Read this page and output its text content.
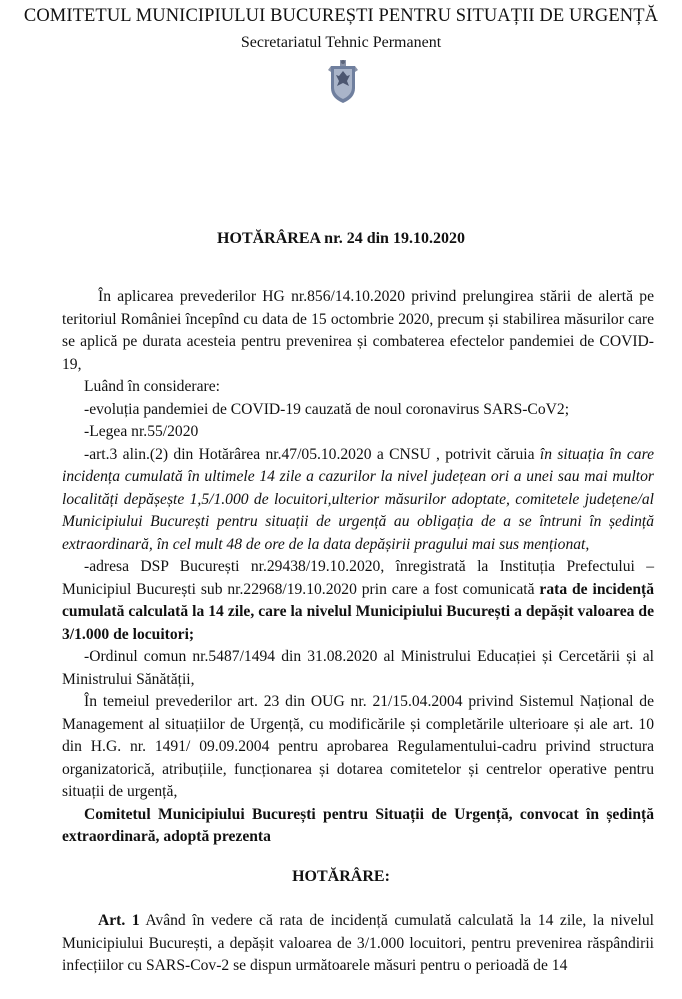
COMITETUL MUNICIPIULUI BUCUREȘTI PENTRU SITUAȚII DE URGENȚĂ
Secretariatul Tehnic Permanent
HOTĂRÂREA nr. 24 din 19.10.2020

În aplicarea prevederilor HG nr.856/14.10.2020 privind prelungirea stării de alertă pe teritoriul României începînd cu data de 15 octombrie 2020, precum și stabilirea măsurilor care se aplică pe durata acesteia pentru prevenirea și combaterea efectelor pandemiei de COVID-19,

Luând în considerare:

-evoluția pandemiei de COVID-19 cauzată de noul coronavirus SARS-CoV2;

-Legea nr.55/2020

-art.3 alin.(2) din Hotărârea nr.47/05.10.2020 a CNSU , potrivit căruia în situația în care incidența cumulată în ultimele 14 zile a cazurilor la nivel județean ori a unei sau mai multor localități depășește 1,5/1.000 de locuitori,ulterior măsurilor adoptate, comitetele județene/al Municipiului București pentru situații de urgență au obligația de a se întruni în ședință extraordinară, în cel mult 48 de ore de la data depășirii pragului mai sus menționat,

-adresa DSP București nr.29438/19.10.2020, înregistrată la Instituția Prefectului – Municipiul București sub nr.22968/19.10.2020 prin care a fost comunicată rata de incidență cumulată calculată la 14 zile, care la nivelul Municipiului București a depășit valoarea de 3/1.000 de locuitori;

-Ordinul comun nr.5487/1494 din 31.08.2020 al Ministrului Educației și Cercetării și al Ministrului Sănătății,

În temeiul prevederilor art. 23 din OUG nr. 21/15.04.2004 privind Sistemul Național de Management al situațiilor de Urgență, cu modificările și completările ulterioare și ale art. 10 din H.G. nr. 1491/ 09.09.2004 pentru aprobarea Regulamentului-cadru privind structura organizatorică, atribuțiile, funcționarea și dotarea comitetelor și centrelor operative pentru situații de urgență,

Comitetul Municipiului București pentru Situații de Urgență, convocat în ședință extraordinară, adoptă prezenta

HOTĂRÂRE:

Art. 1 Având în vedere că rata de incidență cumulată calculată la 14 zile, la nivelul Municipiului București, a depășit valoarea de 3/1.000 locuitori, pentru prevenirea răspândirii infecțiilor cu SARS-Cov-2 se dispun următoarele măsuri pentru o perioadă de 14
